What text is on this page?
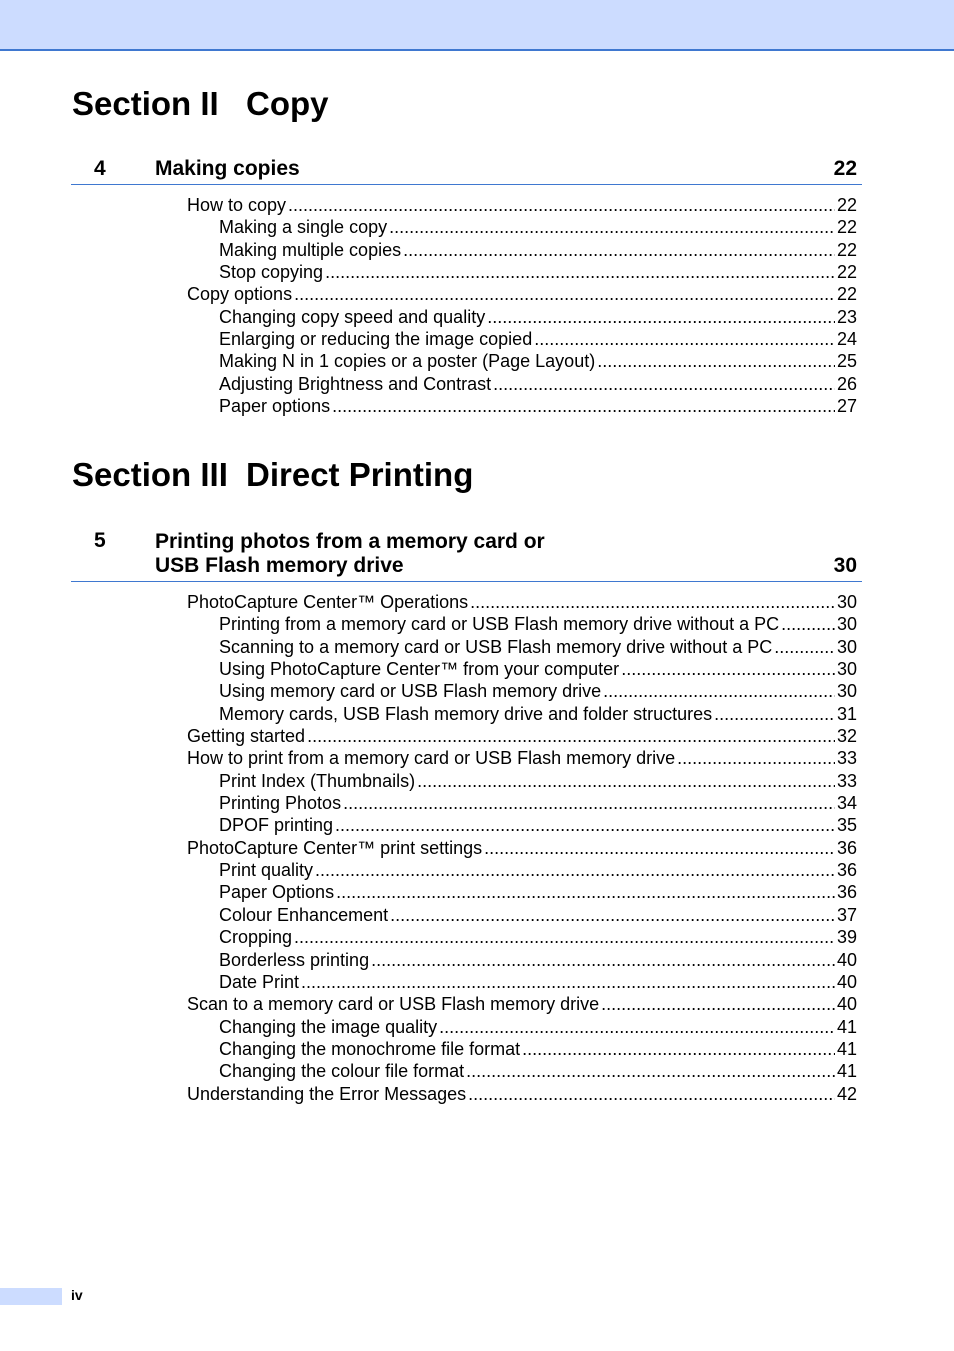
Section II Copy
4 Making copies	22
How to copy .....	22
Making a single copy .....	22
Making multiple copies .....	22
Stop copying .....	22
Copy options .....	22
Changing copy speed and quality .....	23
Enlarging or reducing the image copied .....	24
Making N in 1 copies or a poster (Page Layout) .....	25
Adjusting Brightness and Contrast .....	26
Paper options .....	27
Section III Direct Printing
5 Printing photos from a memory card or
USB Flash memory drive	30
PhotoCapture Center™ Operations .....	30
Printing from a memory card or USB Flash memory drive without a PC .....	30
Scanning to a memory card or USB Flash memory drive without a PC .....	30
Using PhotoCapture Center™ from your computer .....	30
Using memory card or USB Flash memory drive .....	30
Memory cards, USB Flash memory drive and folder structures .....	31
Getting started .....	32
How to print from a memory card or USB Flash memory drive .....	33
Print Index (Thumbnails) .....	33
Printing Photos .....	34
DPOF printing .....	35
PhotoCapture Center™ print settings .....	36
Print quality .....	36
Paper Options .....	36
Colour Enhancement .....	37
Cropping .....	39
Borderless printing .....	40
Date Print .....	40
Scan to a memory card or USB Flash memory drive .....	40
Changing the image quality .....	41
Changing the monochrome file format .....	41
Changing the colour file format .....	41
Understanding the Error Messages .....	42
iv
